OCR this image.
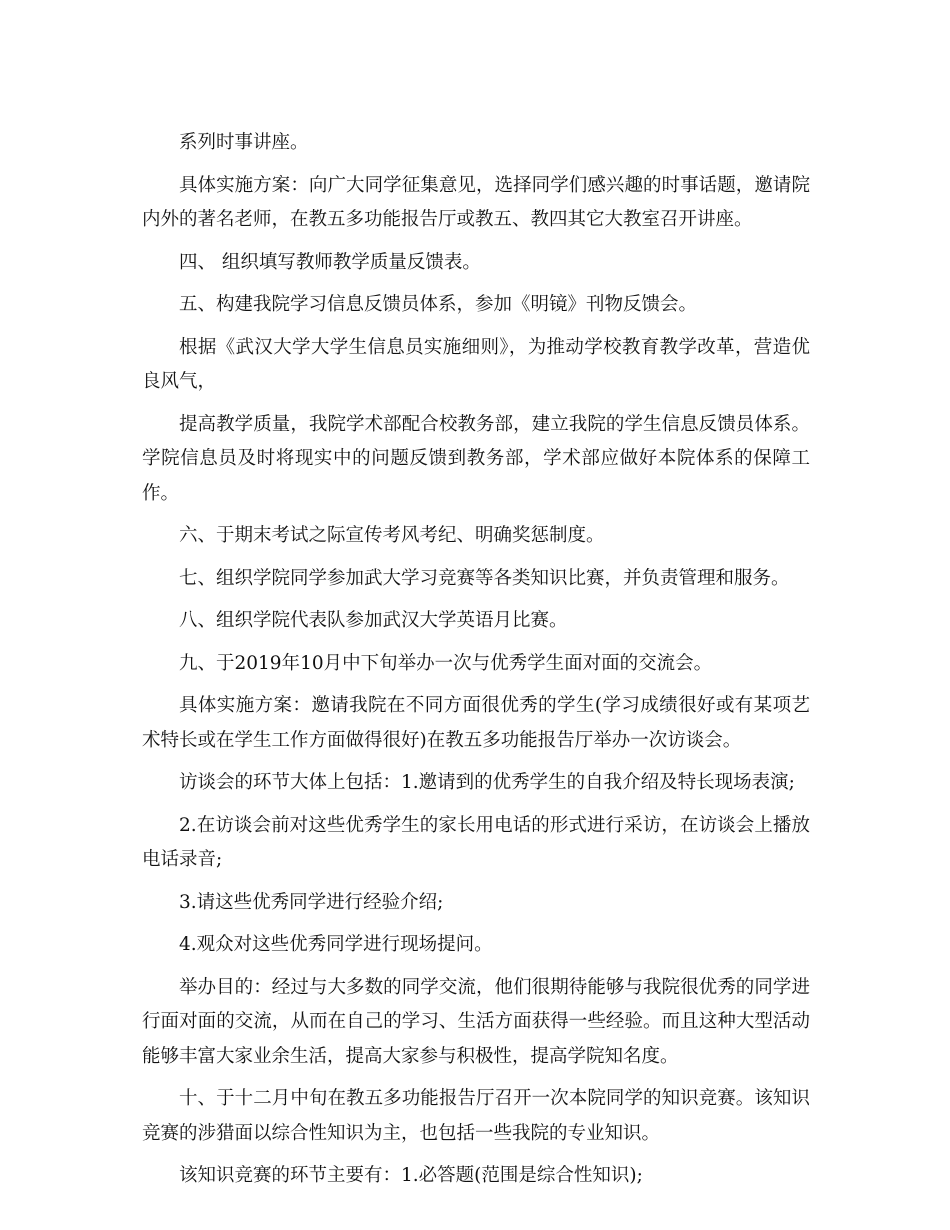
系列时事讲座。

具体实施方案：向广大同学征集意见，选择同学们感兴趣的时事话题，邀请院内外的著名老师，在教五多功能报告厅或教五、教四其它大教室召开讲座。

四、 组织填写教师教学质量反馈表。

五、构建我院学习信息反馈员体系，参加《明镜》刊物反馈会。

根据《武汉大学大学生信息员实施细则》，为推动学校教育教学改革，营造优良风气，

提高教学质量，我院学术部配合校教务部，建立我院的学生信息反馈员体系。学院信息员及时将现实中的问题反馈到教务部，学术部应做好本院体系的保障工作。

六、于期末考试之际宣传考风考纪、明确奖惩制度。

七、组织学院同学参加武大学习竞赛等各类知识比赛，并负责管理和服务。

八、组织学院代表队参加武汉大学英语月比赛。

九、于2019年10月中下旬举办一次与优秀学生面对面的交流会。

具体实施方案：邀请我院在不同方面很优秀的学生(学习成绩很好或有某项艺术特长或在学生工作方面做得很好)在教五多功能报告厅举办一次访谈会。

访谈会的环节大体上包括：1.邀请到的优秀学生的自我介绍及特长现场表演;

2.在访谈会前对这些优秀学生的家长用电话的形式进行采访，在访谈会上播放电话录音;

3.请这些优秀同学进行经验介绍;

4.观众对这些优秀同学进行现场提问。

举办目的：经过与大多数的同学交流，他们很期待能够与我院很优秀的同学进行面对面的交流，从而在自己的学习、生活方面获得一些经验。而且这种大型活动能够丰富大家业余生活，提高大家参与积极性，提高学院知名度。

十、于十二月中旬在教五多功能报告厅召开一次本院同学的知识竞赛。该知识竞赛的涉猎面以综合性知识为主，也包括一些我院的专业知识。

该知识竞赛的环节主要有：1.必答题(范围是综合性知识);
